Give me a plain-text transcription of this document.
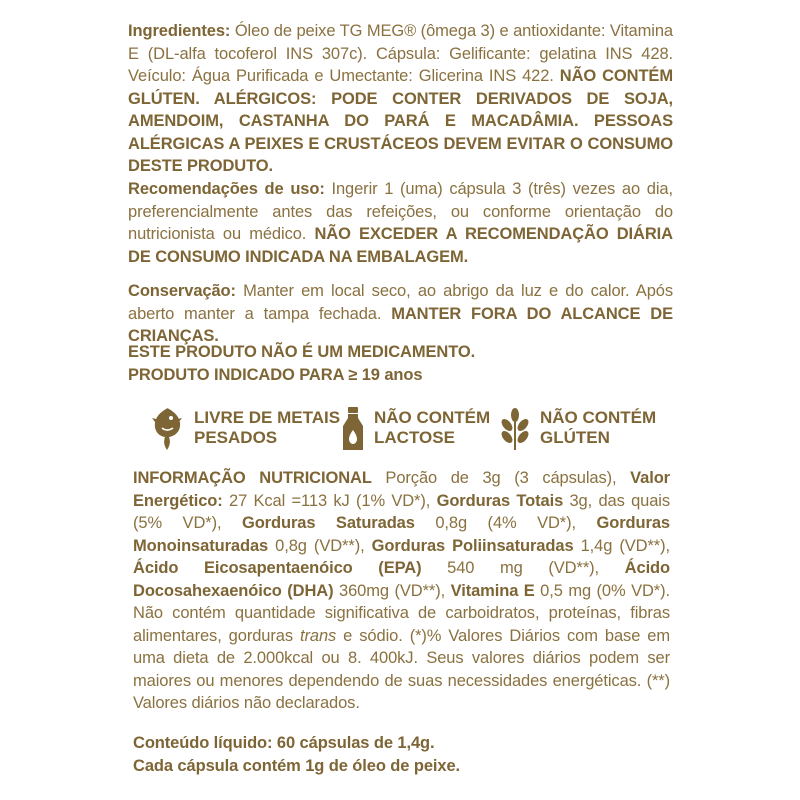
Ingredientes: Óleo de peixe TG MEG® (ômega 3) e antioxidante: Vitamina E (DL-alfa tocoferol INS 307c). Cápsula: Gelificante: gelatina INS 428. Veículo: Água Purificada e Umectante: Glicerina INS 422. NÃO CONTÉM GLÚTEN. ALÉRGICOS: PODE CONTER DERIVADOS DE SOJA, AMENDOIM, CASTANHA DO PARÁ E MACADÂMIA. PESSOAS ALÉRGICAS A PEIXES E CRUSTÁCEOS DEVEM EVITAR O CONSUMO DESTE PRODUTO.

Recomendações de uso: Ingerir 1 (uma) cápsula 3 (três) vezes ao dia, preferencialmente antes das refeições, ou conforme orientação do nutricionista ou médico. NÃO EXCEDER A RECOMENDAÇÃO DIÁRIA DE CONSUMO INDICADA NA EMBALAGEM.

Conservação: Manter em local seco, ao abrigo da luz e do calor. Após aberto manter a tampa fechada. MANTER FORA DO ALCANCE DE CRIANÇAS.

ESTE PRODUTO NÃO É UM MEDICAMENTO.
PRODUTO INDICADO PARA ≥ 19 anos
LIVRE DE METAIS
PESADOS
NÃO CONTÉM
LACTOSE
NÃO CONTÉM
GLÚTEN

INFORMAÇÃO NUTRICIONAL Porção de 3g (3 cápsulas), Valor Energético: 27 Kcal =113 kJ (1% VD*), Gorduras Totais 3g, das quais (5% VD*), Gorduras Saturadas 0,8g (4% VD*), Gorduras Monoinsaturadas 0,8g (VD**), Gorduras Poliinsaturadas 1,4g (VD**), Ácido Eicosapentaenóico (EPA) 540 mg (VD**), Ácido Docosahexaenóico (DHA) 360mg (VD**), Vitamina E 0,5 mg (0% VD*). Não contém quantidade significativa de carboidratos, proteínas, fibras alimentares, gorduras trans e sódio. (*)% Valores Diários com base em uma dieta de 2.000kcal ou 8. 400kJ. Seus valores diários podem ser maiores ou menores dependendo de suas necessidades energéticas. (**) Valores diários não declarados.

Conteúdo líquido: 60 cápsulas de 1,4g.
Cada cápsula contém 1g de óleo de peixe.
